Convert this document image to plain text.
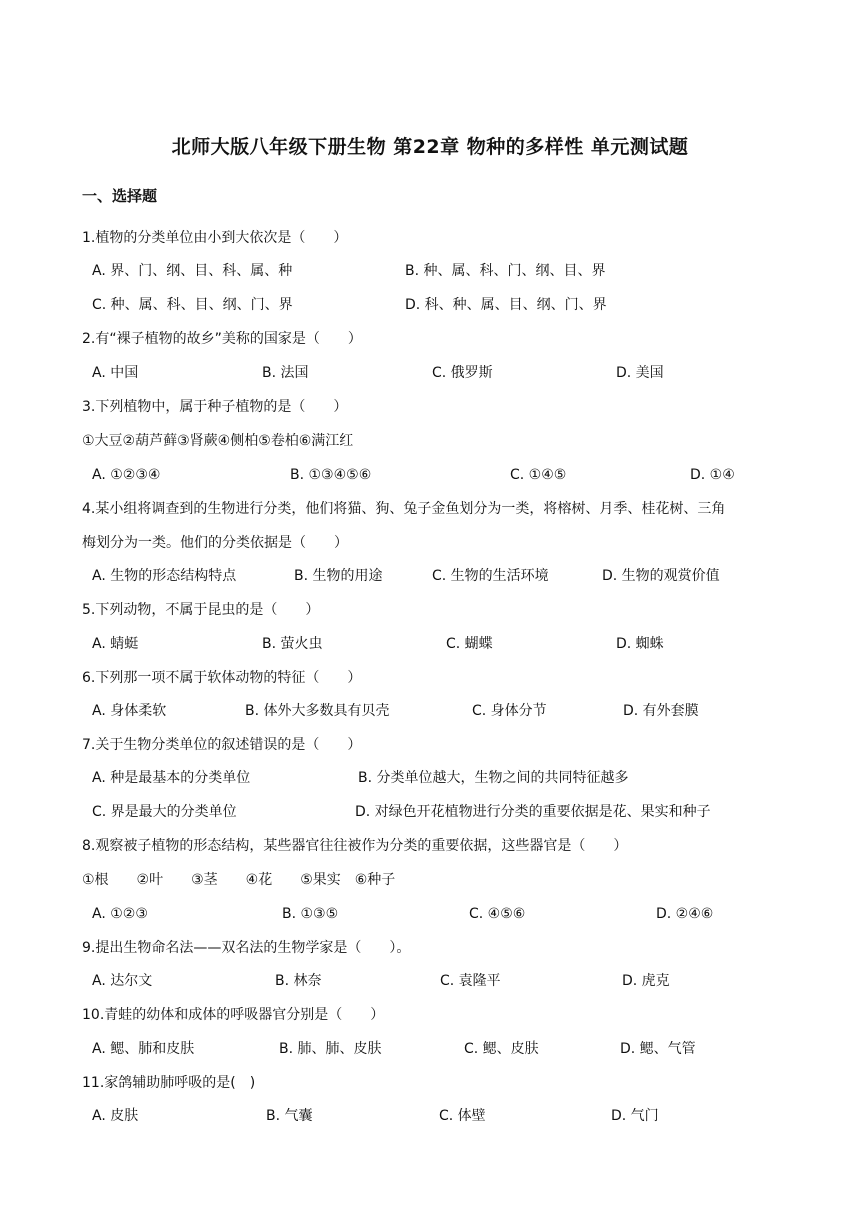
北师大版八年级下册生物 第22章 物种的多样性 单元测试题
一、选择题
1.植物的分类单位由小到大依次是（　　）
A. 界、门、纲、目、科、属、种	B. 种、属、科、门、纲、目、界
C. 种、属、科、目、纲、门、界	D. 科、种、属、目、纲、门、界
2.有“裸子植物的故乡”美称的国家是（　　）
A. 中国	B. 法国	C. 俄罗斯	D. 美国
3.下列植物中，属于种子植物的是（　　）
①大豆②葫芦藓③肾蕨④侧柏⑤卷柏⑥满江红
A. ①②③④	B. ①③④⑤⑥	C. ①④⑤	D. ①④
4.某小组将调查到的生物进行分类，他们将猫、狗、兔子金鱼划分为一类，将榕树、月季、桂花树、三角
梅划分为一类。他们的分类依据是（　　）
A. 生物的形态结构特点	B. 生物的用途	C. 生物的生活环境	D. 生物的观赏价值
5.下列动物，不属于昆虫的是（　　）
A. 蜻蜓	B. 萤火虫	C. 蝴蝶	D. 蜘蛛
6.下列那一项不属于软体动物的特征（　　）
A. 身体柔软	B. 体外大多数具有贝壳	C. 身体分节	D. 有外套膜
7.关于生物分类单位的叙述错误的是（　　）
A. 种是最基本的分类单位	B. 分类单位越大，生物之间的共同特征越多
C. 界是最大的分类单位	D. 对绿色开花植物进行分类的重要依据是花、果实和种子
8.观察被子植物的形态结构，某些器官往往被作为分类的重要依据，这些器官是（　　）
①根　　②叶　　③茎　　④花　　⑤果实　⑥种子
A. ①②③	B. ①③⑤	C. ④⑤⑥	D. ②④⑥
9.提出生物命名法——双名法的生物学家是（　　）。
A. 达尔文	B. 林奈	C. 袁隆平	D. 虎克
10.青蛙的幼体和成体的呼吸器官分别是（　　）
A. 鳃、肺和皮肤	B. 肺、肺、皮肤	C. 鳃、皮肤	D. 鳃、气管
11.家鸽辅助肺呼吸的是(　)
A. 皮肤	B. 气囊	C. 体壁	D. 气门
